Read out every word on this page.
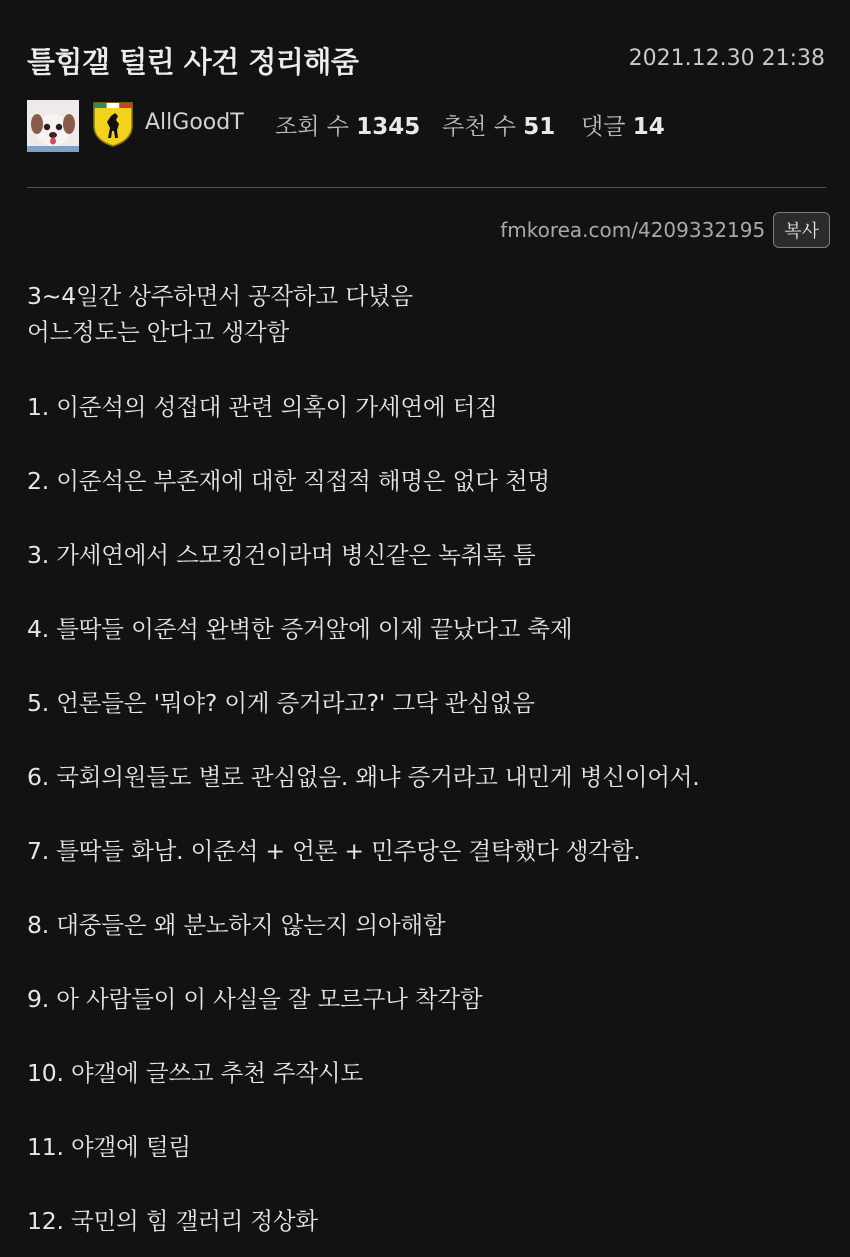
틀힘갤 털린 사건 정리해줌	2021.12.30 21:38
AllGoodT 조회 수 1345 추천 수 51 댓글 14
fmkorea.com/4209332195	복사
3~4일간 상주하면서 공작하고 다녔음
어느정도는 안다고 생각함
1. 이준석의 성접대 관련 의혹이 가세연에 터짐
2. 이준석은 부존재에 대한 직접적 해명은 없다 천명
3. 가세연에서 스모킹건이라며 병신같은 녹취록 틈
4. 틀딱들 이준석 완벽한 증거앞에 이제 끝났다고 축제
5. 언론들은 '뭐야? 이게 증거라고?' 그닥 관심없음
6. 국회의원들도 별로 관심없음. 왜냐 증거라고 내민게 병신이어서.
7. 틀딱들 화남. 이준석 + 언론 + 민주당은 결탁했다 생각함.
8. 대중들은 왜 분노하지 않는지 의아해함
9. 아 사람들이 이 사실을 잘 모르구나 착각함
10. 야갤에 글쓰고 추천 주작시도
11. 야갤에 털림
12. 국민의 힘 갤러리 정상화
